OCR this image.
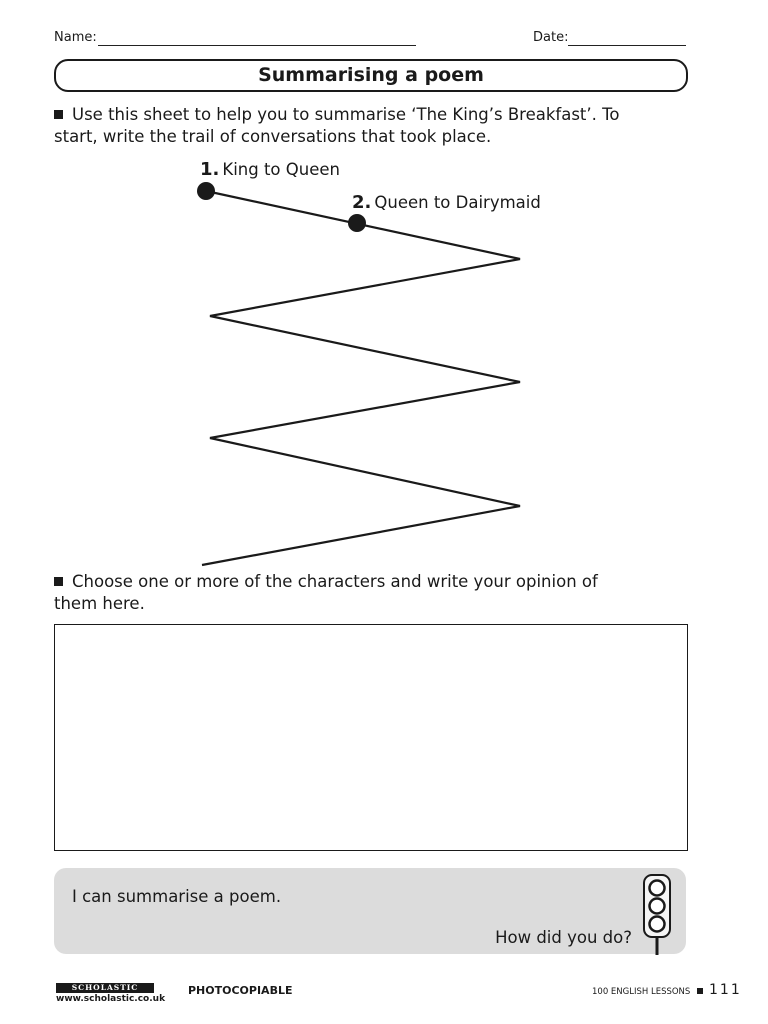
Name:	Date:
Summarising a poem
Use this sheet to help you to summarise ‘The King’s Breakfast’. To start, write the trail of conversations that took place.
1. King to Queen
2. Queen to Dairymaid
Choose one or more of the characters and write your opinion of them here.
I can summarise a poem.
How did you do?
SCHOLASTIC
www.scholastic.co.uk
PHOTOCOPIABLE	100 ENGLISH LESSONS 111
